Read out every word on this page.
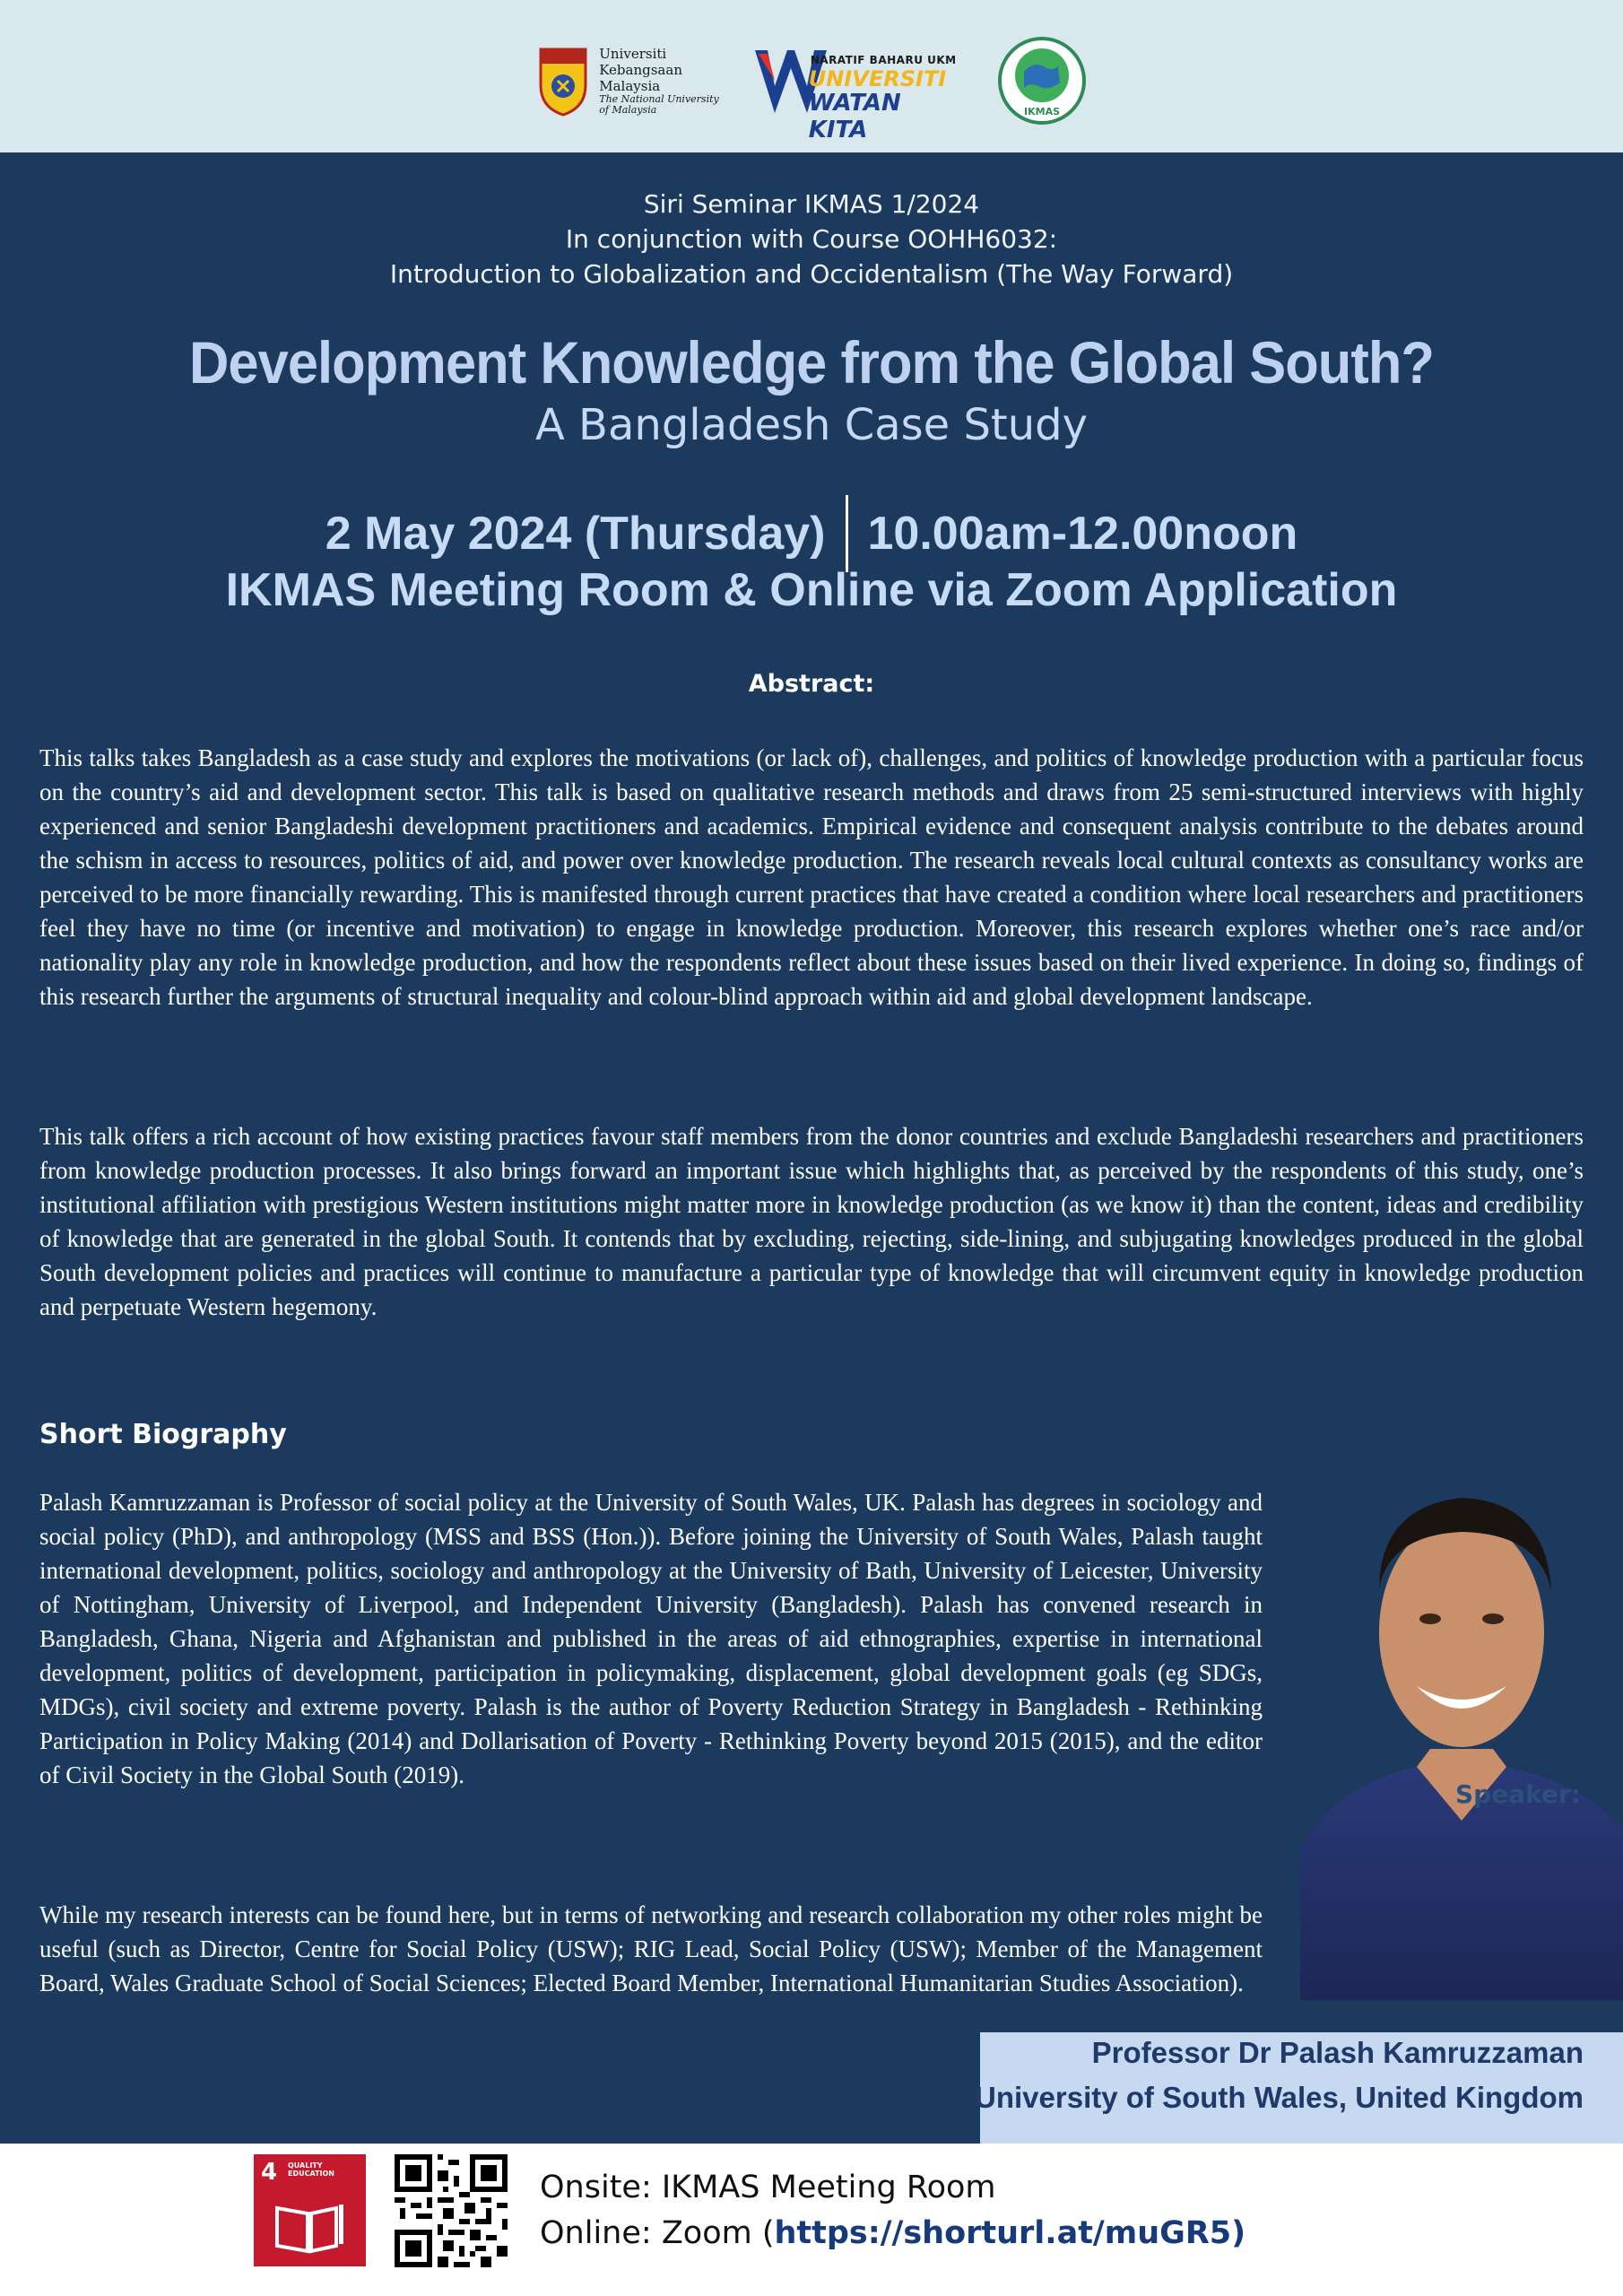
Universiti
Kebangsaan
Malaysia
The National University
of Malaysia
NARATIF BAHARU UKM
UNIVERSITI
WATAN KITA
IKMAS
Siri Seminar IKMAS 1/2024
In conjunction with Course OOHH6032:
Introduction to Globalization and Occidentalism (The Way Forward)
Development Knowledge from the Global South?
A Bangladesh Case Study
2 May 2024 (Thursday) 10.00am-12.00noon
IKMAS Meeting Room & Online via Zoom Application
Abstract:

This talks takes Bangladesh as a case study and explores the motivations (or lack of), challenges, and politics of knowledge production with a particular focus on the country’s aid and development sector. This talk is based on qualitative research methods and draws from 25 semi-structured interviews with highly experienced and senior Bangladeshi development practitioners and academics. Empirical evidence and consequent analysis contribute to the debates around the schism in access to resources, politics of aid, and power over knowledge production. The research reveals local cultural contexts as consultancy works are perceived to be more financially rewarding. This is manifested through current practices that have created a condition where local researchers and practitioners feel they have no time (or incentive and motivation) to engage in knowledge production. Moreover, this research explores whether one’s race and/or nationality play any role in knowledge production, and how the respondents reflect about these issues based on their lived experience. In doing so, findings of this research further the arguments of structural inequality and colour-blind approach within aid and global development landscape.

This talk offers a rich account of how existing practices favour staff members from the donor countries and exclude Bangladeshi researchers and practitioners from knowledge production processes. It also brings forward an important issue which highlights that, as perceived by the respondents of this study, one’s institutional affiliation with prestigious Western institutions might matter more in knowledge production (as we know it) than the content, ideas and credibility of knowledge that are generated in the global South. It contends that by excluding, rejecting, side-lining, and subjugating knowledges produced in the global South development policies and practices will continue to manufacture a particular type of knowledge that will circumvent equity in knowledge production and perpetuate Western hegemony.

Short Biography

Palash Kamruzzaman is Professor of social policy at the University of South Wales, UK. Palash has degrees in sociology and social policy (PhD), and anthropology (MSS and BSS (Hon.)). Before joining the University of South Wales, Palash taught international development, politics, sociology and anthropology at the University of Bath, University of Leicester, University of Nottingham, University of Liverpool, and Independent University (Bangladesh). Palash has convened research in Bangladesh, Ghana, Nigeria and Afghanistan and published in the areas of aid ethnographies, expertise in international development, politics of development, participation in policymaking, displacement, global development goals (eg SDGs, MDGs), civil society and extreme poverty. Palash is the author of Poverty Reduction Strategy in Bangladesh - Rethinking Participation in Policy Making (2014) and Dollarisation of Poverty - Rethinking Poverty beyond 2015 (2015), and the editor of Civil Society in the Global South (2019).

While my research interests can be found here, but in terms of networking and research collaboration my other roles might be useful (such as Director, Centre for Social Policy (USW); RIG Lead, Social Policy (USW); Member of the Management Board, Wales Graduate School of Social Sciences; Elected Board Member, International Humanitarian Studies Association).

Speaker:
Professor Dr Palash Kamruzzaman
University of South Wales, United Kingdom
4 QUALITY
EDUCATION	Onsite: IKMAS Meeting Room
Online: Zoom (https://shorturl.at/muGR5)
